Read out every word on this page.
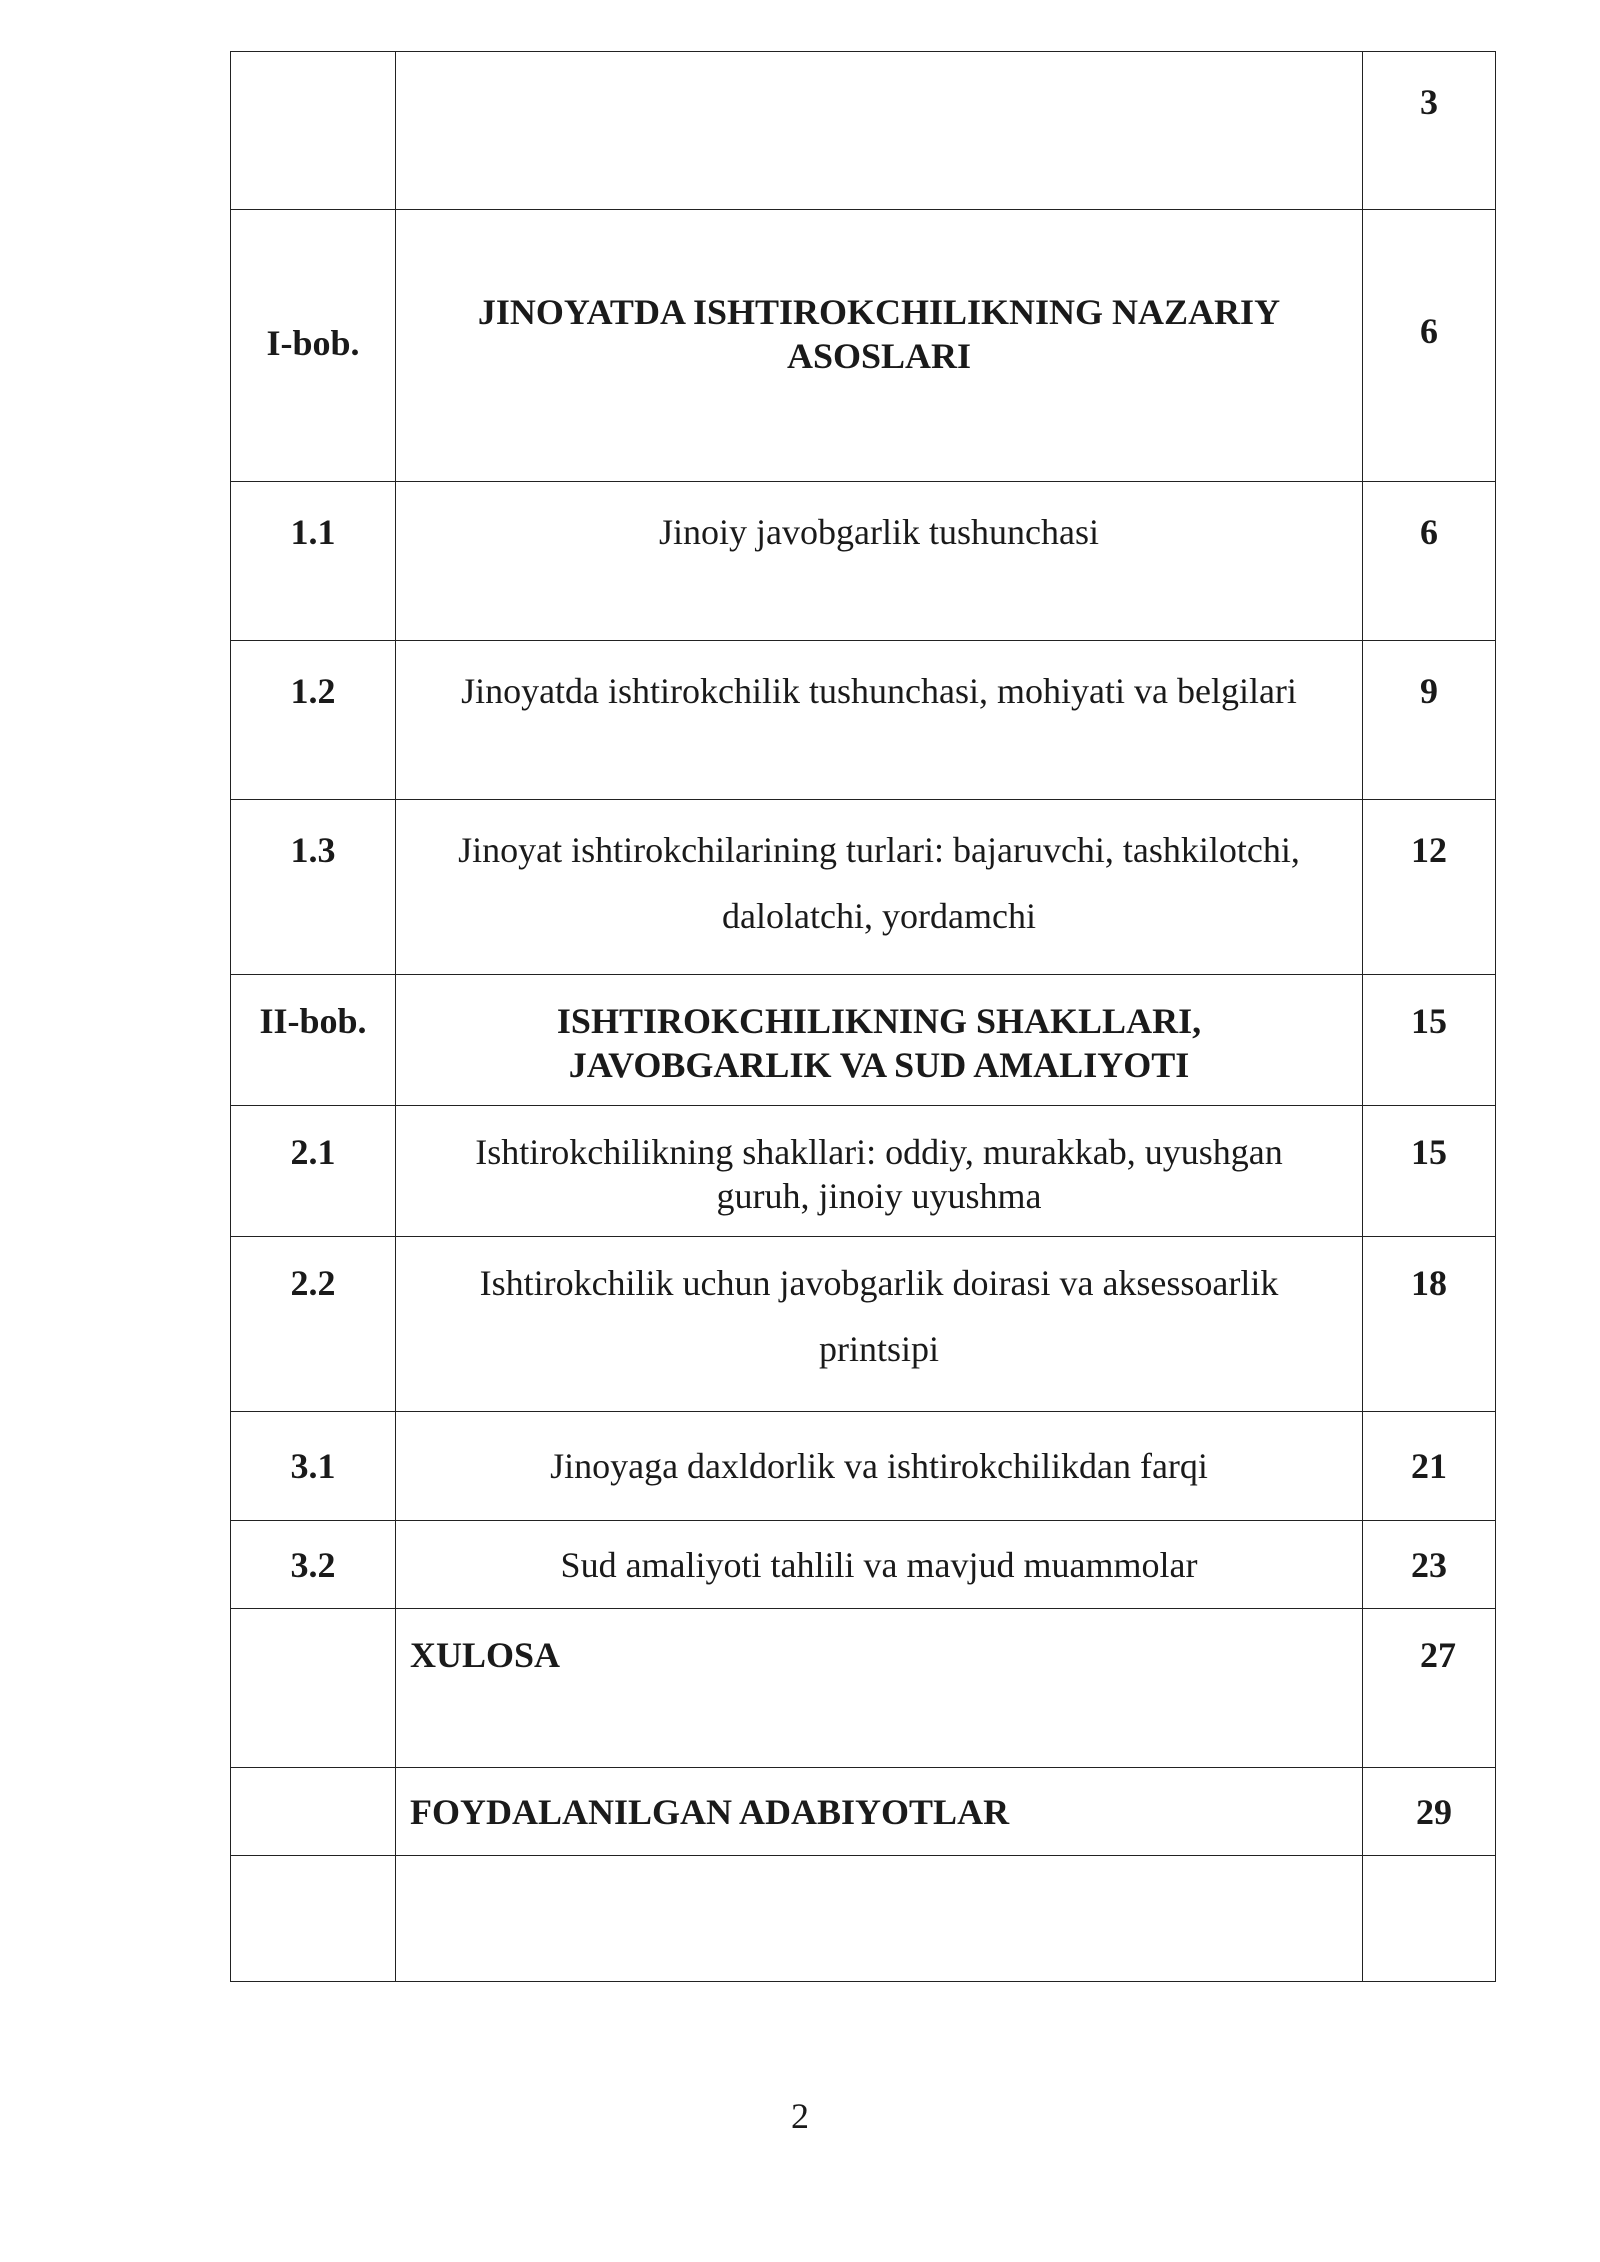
		3
I-bob.	JINOYATDA ISHTIROKCHILIKNING NAZARIY ASOSLARI	6
1.1	Jinoiy javobgarlik tushunchasi	6
1.2	Jinoyatda ishtirokchilik tushunchasi, mohiyati va belgilari	9
1.3	Jinoyat ishtirokchilarining turlari: bajaruvchi, tashkilotchi, dalolatchi, yordamchi	12
II-bob.	ISHTIROKCHILIKNING SHAKLLARI, JAVOBGARLIK VA SUD AMALIYOTI	15
2.1	Ishtirokchilikning shakllari: oddiy, murakkab, uyushgan guruh, jinoiy uyushma	15
2.2	Ishtirokchilik uchun javobgarlik doirasi va aksessoarlik printsipi	18
3.1	Jinoyaga daxldorlik va ishtirokchilikdan farqi	21
3.2	Sud amaliyoti tahlili va mavjud muammolar	23
	XULOSA	27
	FOYDALANILGAN ADABIYOTLAR	29

2
